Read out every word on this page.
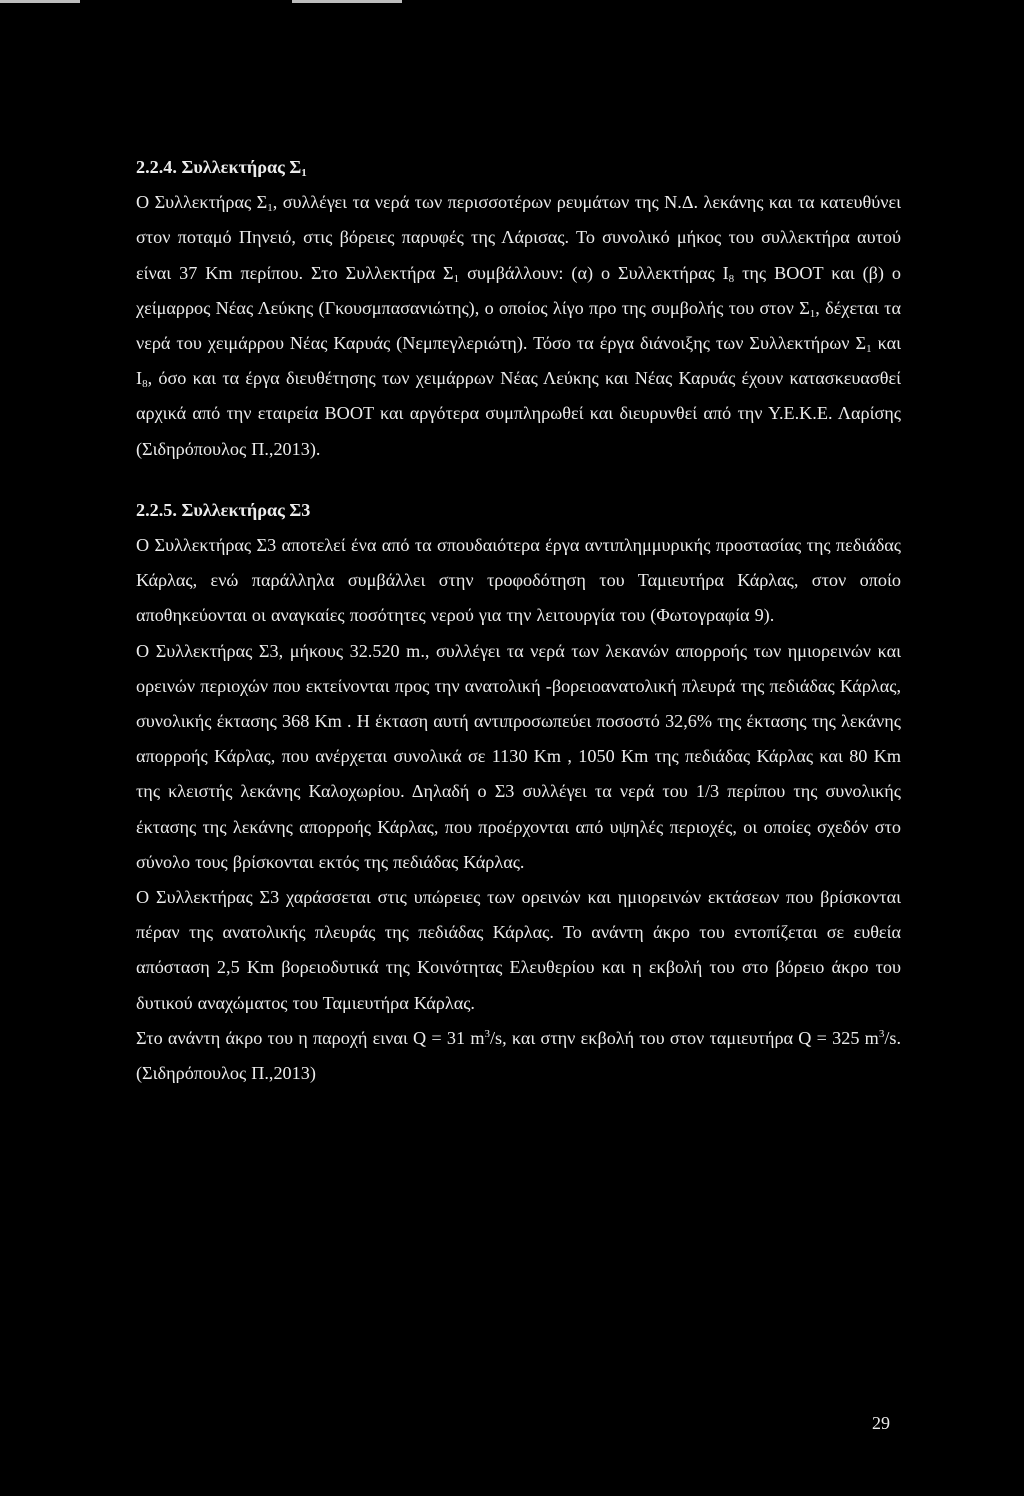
2.2.4. Συλλεκτήρας $\Sigma_1$

Ο Συλλεκτήρας $\Sigma_1$, συλλέγει τα νερά των περισσοτέρων ρευμάτων της Ν.Δ. λεκάνης και τα κατευθύνει στον ποταμό Πηνειό, στις βόρειες παρυφές της Λάρισας. Το συνολικό μήκος του συλλεκτήρα αυτού είναι 37 Km περίπου. Στο Συλλεκτήρα $\Sigma_1$ συμβάλλουν: (α) ο Συλλεκτήρας $I_8$ της ΒΟΟΤ και (β) ο χείμαρρος Νέας Λεύκης (Γκουσμπασανιώτης), ο οποίος λίγο προ της συμβολής του στον $\Sigma_1$, δέχεται τα νερά του χειμάρρου Νέας Καρυάς (Νεμπεγλεριώτη). Τόσο τα έργα διάνοιξης των Συλλεκτήρων $\Sigma_1$ και $I_8$, όσο και τα έργα διευθέτησης των χειμάρρων Νέας Λεύκης και Νέας Καρυάς έχουν κατασκευασθεί αρχικά από την εταιρεία ΒΟΟΤ και αργότερα συμπληρωθεί και διευρυνθεί από την Υ.Ε.Κ.Ε. Λαρίσης (Σιδηρόπουλος Π.,2013).

2.2.5. Συλλεκτήρας Σ3

Ο Συλλεκτήρας Σ3 αποτελεί ένα από τα σπουδαιότερα έργα αντιπλημμυρικής προστασίας της πεδιάδας Κάρλας, ενώ παράλληλα συμβάλλει στην τροφοδότηση του Ταμιευτήρα Κάρλας, στον οποίο αποθηκεύονται οι αναγκαίες ποσότητες νερού για την λειτουργία του (Φωτογραφία 9).

Ο Συλλεκτήρας Σ3, μήκους 32.520 m., συλλέγει τα νερά των λεκανών απορροής των ημιορεινών και ορεινών περιοχών που εκτείνονται προς την ανατολική -βορειοανατολική πλευρά της πεδιάδας Κάρλας, συνολικής έκτασης 368 Km . Η έκταση αυτή αντιπροσωπεύει ποσοστό 32,6% της έκτασης της λεκάνης απορροής Κάρλας, που ανέρχεται συνολικά σε 1130 Km , 1050 Km της πεδιάδας Κάρλας και 80 Km της κλειστής λεκάνης Καλοχωρίου. Δηλαδή ο Σ3 συλλέγει τα νερά του 1/3 περίπου της συνολικής έκτασης της λεκάνης απορροής Κάρλας, που προέρχονται από υψηλές περιοχές, οι οποίες σχεδόν στο σύνολο τους βρίσκονται εκτός της πεδιάδας Κάρλας.

Ο Συλλεκτήρας Σ3 χαράσσεται στις υπώρειες των ορεινών και ημιορεινών εκτάσεων που βρίσκονται πέραν της ανατολικής πλευράς της πεδιάδας Κάρλας. Το ανάντη άκρο του εντοπίζεται σε ευθεία απόσταση 2,5 Km βορειοδυτικά της Κοινότητας Ελευθερίου και η εκβολή του στο βόρειο άκρο του δυτικού αναχώματος του Ταμιευτήρα Κάρλας.

Στο ανάντη άκρο του η παροχή ειναι Q = 31 $m^3/s$, και στην εκβολή του στον ταμιευτήρα Q = 325 $m^3/s$. (Σιδηρόπουλος Π.,2013)

29
